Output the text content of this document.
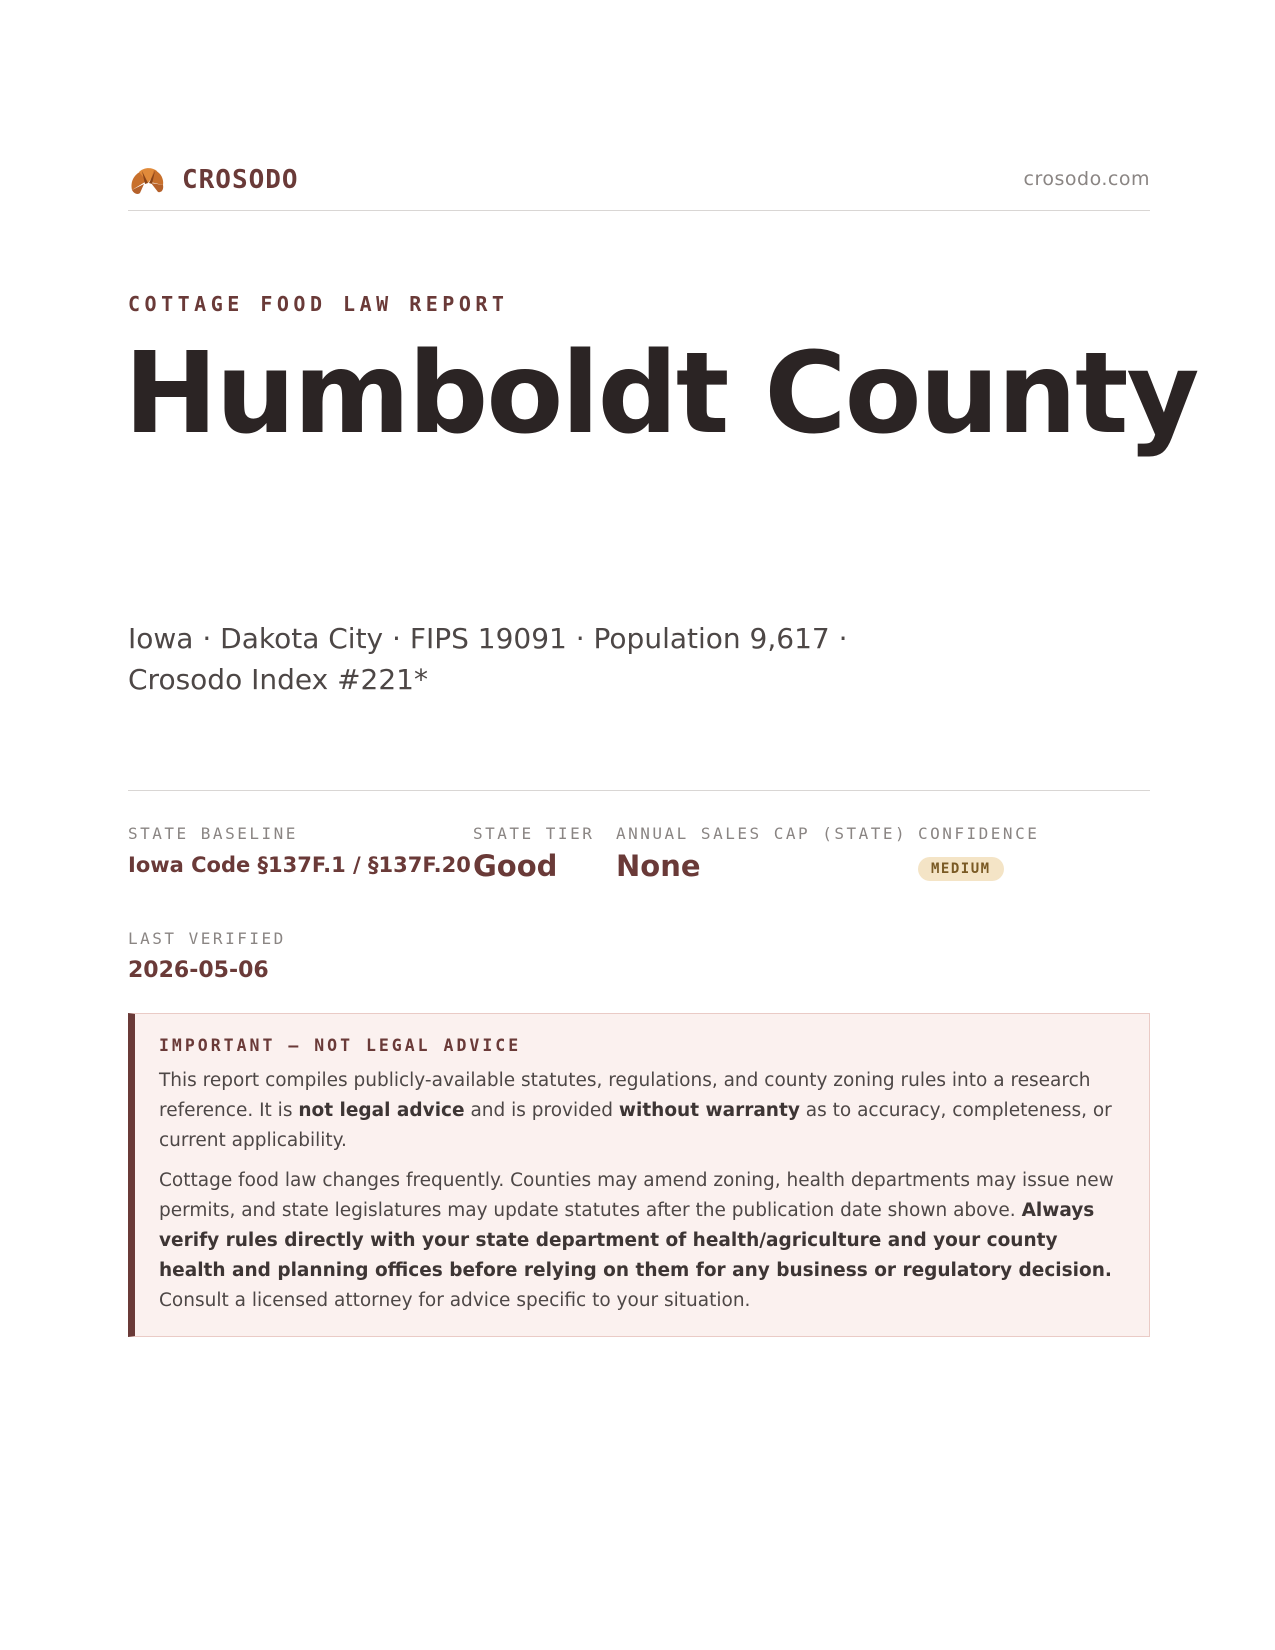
CROSODO	crosodo.com
COTTAGE FOOD LAW REPORT
Humboldt County
Iowa · Dakota City · FIPS 19091 · Population 9,617 · Crosodo Index #221*
STATE BASELINE
Iowa Code §137F.1 / §137F.20
STATE TIER
Good
ANNUAL SALES CAP (STATE)
None
CONFIDENCE
MEDIUM
LAST VERIFIED
2026-05-06
IMPORTANT — NOT LEGAL ADVICE

This report compiles publicly-available statutes, regulations, and county zoning rules into a research reference. It is not legal advice and is provided without warranty as to accuracy, completeness, or current applicability.

Cottage food law changes frequently. Counties may amend zoning, health departments may issue new permits, and state legislatures may update statutes after the publication date shown above. Always verify rules directly with your state department of health/agriculture and your county health and planning offices before relying on them for any business or regulatory decision. Consult a licensed attorney for advice specific to your situation.
